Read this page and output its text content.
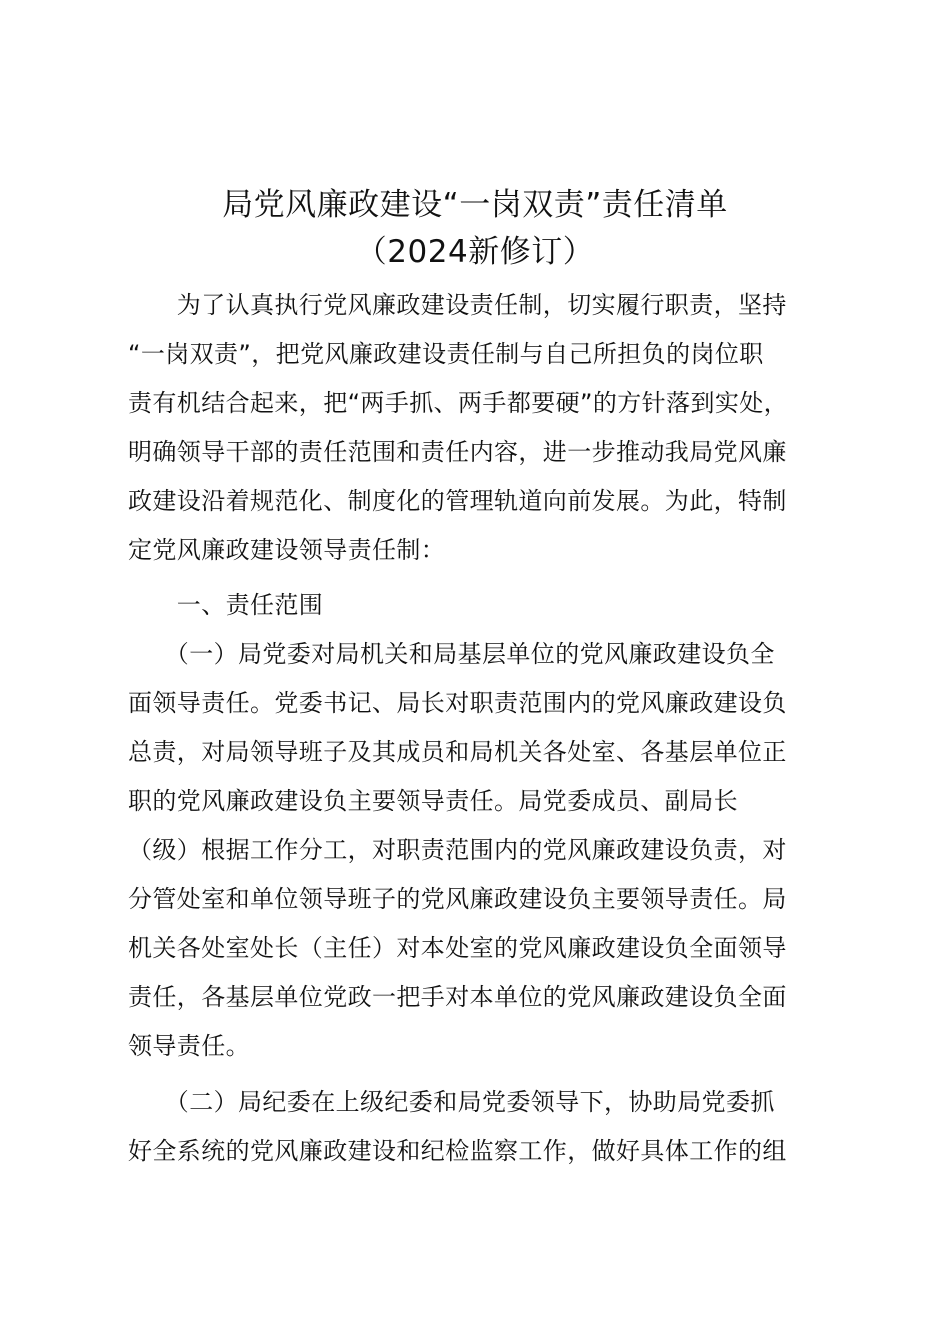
局党风廉政建设“一岗双责”责任清单
（2024新修订）
　　为了认真执行党风廉政建设责任制，切实履行职责，坚持
“一岗双责”，把党风廉政建设责任制与自己所担负的岗位职
责有机结合起来，把“两手抓、两手都要硬”的方针落到实处，
明确领导干部的责任范围和责任内容，进一步推动我局党风廉
政建设沿着规范化、制度化的管理轨道向前发展。为此，特制
定党风廉政建设领导责任制：
　　一、责任范围
　　（一）局党委对局机关和局基层单位的党风廉政建设负全
面领导责任。党委书记、局长对职责范围内的党风廉政建设负
总责，对局领导班子及其成员和局机关各处室、各基层单位正
职的党风廉政建设负主要领导责任。局党委成员、副局长
（级）根据工作分工，对职责范围内的党风廉政建设负责，对
分管处室和单位领导班子的党风廉政建设负主要领导责任。局
机关各处室处长（主任）对本处室的党风廉政建设负全面领导
责任，各基层单位党政一把手对本单位的党风廉政建设负全面
领导责任。
　　（二）局纪委在上级纪委和局党委领导下，协助局党委抓
好全系统的党风廉政建设和纪检监察工作，做好具体工作的组
